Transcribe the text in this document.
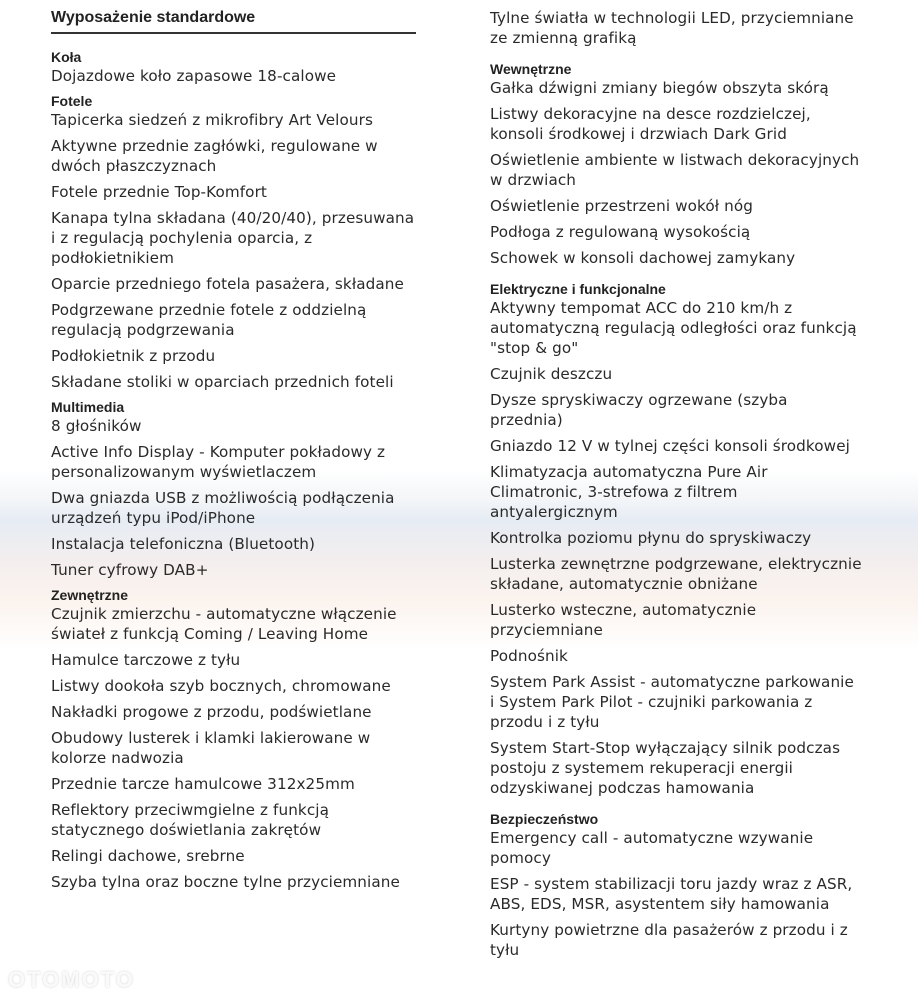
Wyposażenie standardowe
Koła
Dojazdowe koło zapasowe 18-calowe
Fotele
Tapicerka siedzeń z mikrofibry Art Velours
Aktywne przednie zagłówki, regulowane w dwóch płaszczyznach
Fotele przednie Top-Komfort
Kanapa tylna składana (40/20/40), przesuwana i z regulacją pochylenia oparcia, z podłokietnikiem
Oparcie przedniego fotela pasażera, składane
Podgrzewane przednie fotele z oddzielną regulacją podgrzewania
Podłokietnik z przodu
Składane stoliki w oparciach przednich foteli
Multimedia
8 głośników
Active Info Display - Komputer pokładowy z personalizowanym wyświetlaczem
Dwa gniazda USB z możliwością podłączenia urządzeń typu iPod/iPhone
Instalacja telefoniczna (Bluetooth)
Tuner cyfrowy DAB+
Zewnętrzne
Czujnik zmierzchu - automatyczne włączenie świateł z funkcją Coming / Leaving Home
Hamulce tarczowe z tyłu
Listwy dookoła szyb bocznych, chromowane
Nakładki progowe z przodu, podświetlane
Obudowy lusterek i klamki lakierowane w kolorze nadwozia
Przednie tarcze hamulcowe 312x25mm
Reflektory przeciwmgielne z funkcją statycznego doświetlania zakrętów
Relingi dachowe, srebrne
Szyba tylna oraz boczne tylne przyciemniane
Tylne światła w technologii LED, przyciemniane ze zmienną grafiką
Wewnętrzne
Gałka dźwigni zmiany biegów obszyta skórą
Listwy dekoracyjne na desce rozdzielczej, konsoli środkowej i drzwiach Dark Grid
Oświetlenie ambiente w listwach dekoracyjnych w drzwiach
Oświetlenie przestrzeni wokół nóg
Podłoga z regulowaną wysokością
Schowek w konsoli dachowej zamykany
Elektryczne i funkcjonalne
Aktywny tempomat ACC do 210 km/h z automatyczną regulacją odległości oraz funkcją "stop & go"
Czujnik deszczu
Dysze spryskiwaczy ogrzewane (szyba przednia)
Gniazdo 12 V w tylnej części konsoli środkowej
Klimatyzacja automatyczna Pure Air Climatronic, 3-strefowa z filtrem antyalergicznym
Kontrolka poziomu płynu do spryskiwaczy
Lusterka zewnętrzne podgrzewane, elektrycznie składane, automatycznie obniżane
Lusterko wsteczne, automatycznie przyciemniane
Podnośnik
System Park Assist - automatyczne parkowanie i System Park Pilot - czujniki parkowania z przodu i z tyłu
System Start-Stop wyłączający silnik podczas postoju z systemem rekuperacji energii odzyskiwanej podczas hamowania
Bezpieczeństwo
Emergency call - automatyczne wzywanie pomocy
ESP - system stabilizacji toru jazdy wraz z ASR, ABS, EDS, MSR, asystentem siły hamowania
Kurtyny powietrzne dla pasażerów z przodu i z tyłu
OTOMOTO
